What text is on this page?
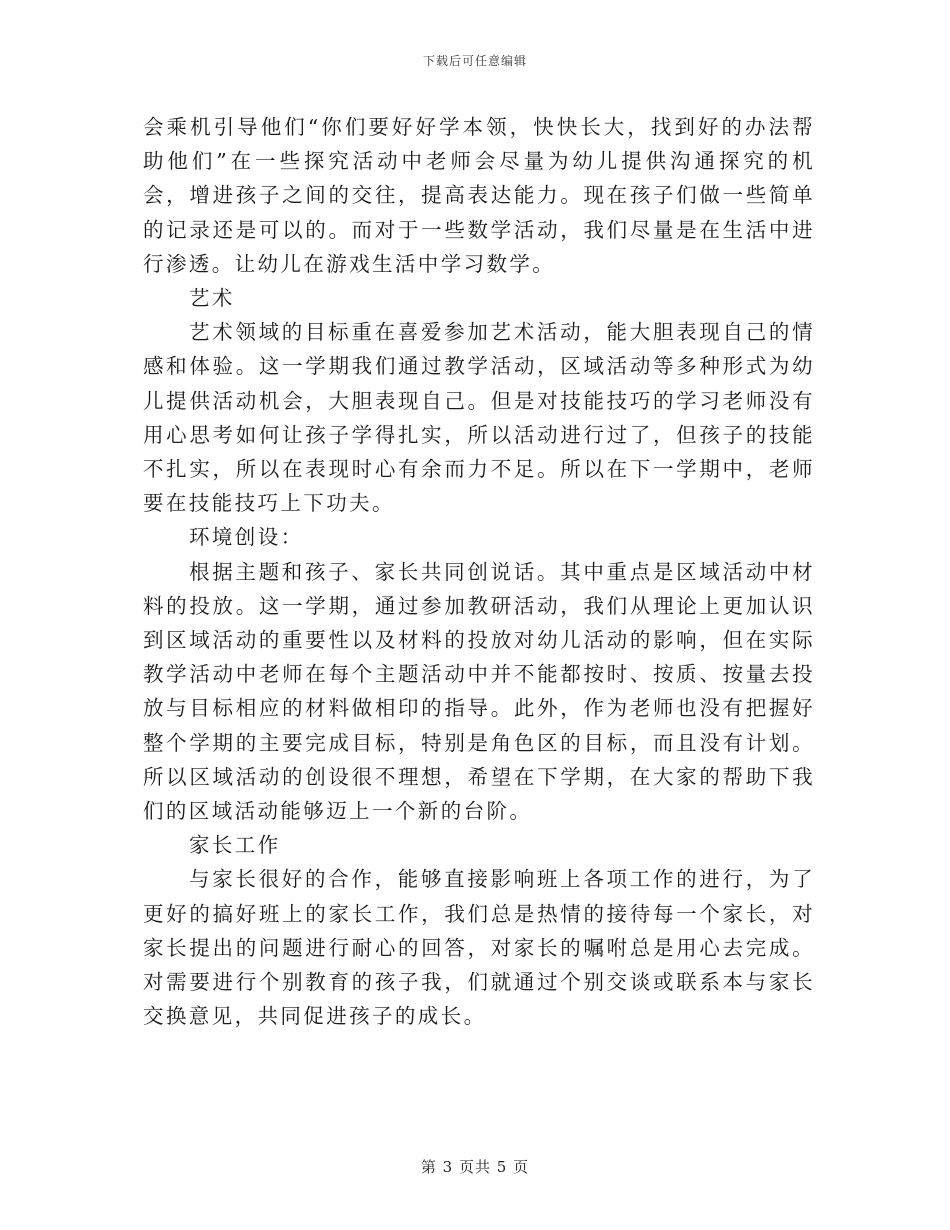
下载后可任意编辑

会乘机引导他们“你们要好好学本领，快快长大，找到好的办法帮助他们”在一些探究活动中老师会尽量为幼儿提供沟通探究的机会，增进孩子之间的交往，提高表达能力。现在孩子们做一些简单的记录还是可以的。而对于一些数学活动，我们尽量是在生活中进行渗透。让幼儿在游戏生活中学习数学。

艺术

艺术领域的目标重在喜爱参加艺术活动，能大胆表现自己的情感和体验。这一学期我们通过教学活动，区域活动等多种形式为幼儿提供活动机会，大胆表现自己。但是对技能技巧的学习老师没有用心思考如何让孩子学得扎实，所以活动进行过了，但孩子的技能不扎实，所以在表现时心有余而力不足。所以在下一学期中，老师要在技能技巧上下功夫。

环境创设：

根据主题和孩子、家长共同创说话。其中重点是区域活动中材料的投放。这一学期，通过参加教研活动，我们从理论上更加认识到区域活动的重要性以及材料的投放对幼儿活动的影响，但在实际教学活动中老师在每个主题活动中并不能都按时、按质、按量去投放与目标相应的材料做相印的指导。此外，作为老师也没有把握好整个学期的主要完成目标，特别是角色区的目标，而且没有计划。所以区域活动的创设很不理想，希望在下学期，在大家的帮助下我们的区域活动能够迈上一个新的台阶。

家长工作

与家长很好的合作，能够直接影响班上各项工作的进行，为了更好的搞好班上的家长工作，我们总是热情的接待每一个家长，对家长提出的问题进行耐心的回答，对家长的嘱咐总是用心去完成。对需要进行个别教育的孩子我，们就通过个别交谈或联系本与家长交换意见，共同促进孩子的成长。

第 3 页共 5 页
